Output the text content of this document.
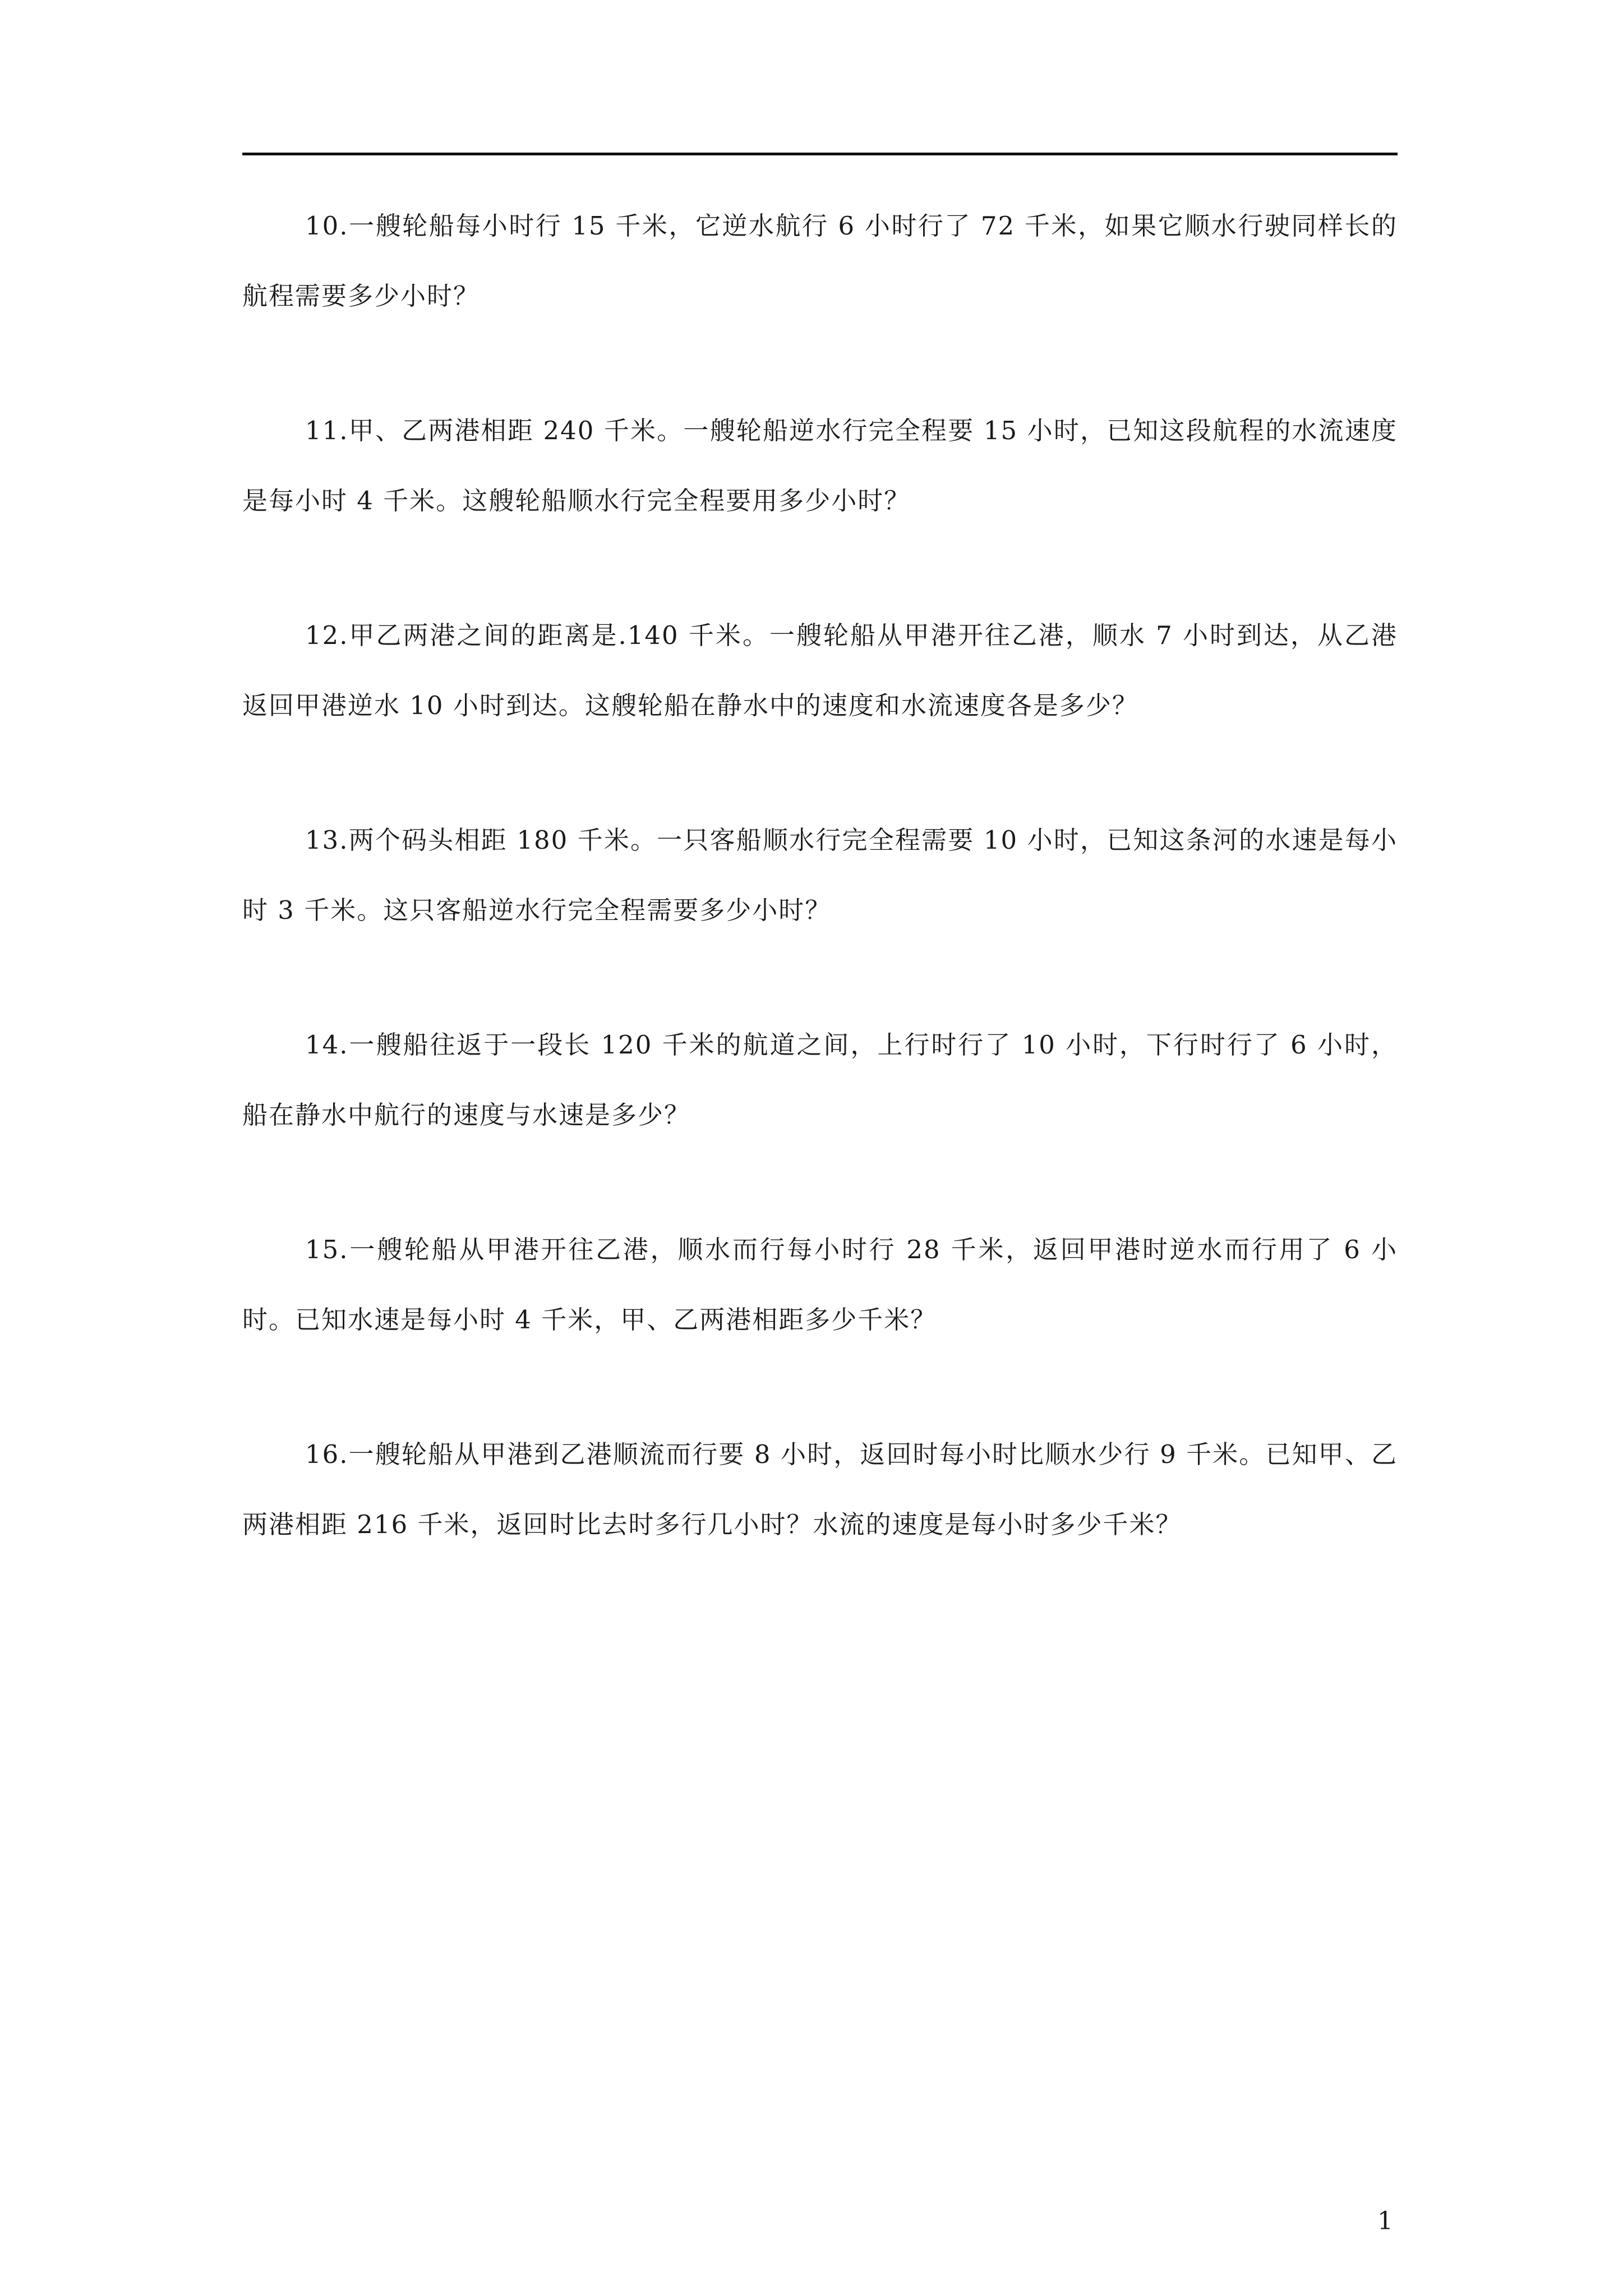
10.一艘轮船每小时行 15 千米，它逆水航行 6 小时行了 72 千米，如果它顺水行驶同样长的航程需要多少小时？

11.甲、乙两港相距 240 千米。一艘轮船逆水行完全程要 15 小时，已知这段航程的水流速度是每小时 4 千米。这艘轮船顺水行完全程要用多少小时？

12.甲乙两港之间的距离是.140 千米。一艘轮船从甲港开往乙港，顺水 7 小时到达，从乙港返回甲港逆水 10 小时到达。这艘轮船在静水中的速度和水流速度各是多少？

13.两个码头相距 180 千米。一只客船顺水行完全程需要 10 小时，已知这条河的水速是每小时 3 千米。这只客船逆水行完全程需要多少小时？

14.一艘船往返于一段长 120 千米的航道之间，上行时行了 10 小时，下行时行了 6 小时，船在静水中航行的速度与水速是多少？

15.一艘轮船从甲港开往乙港，顺水而行每小时行 28 千米，返回甲港时逆水而行用了 6 小时。已知水速是每小时 4 千米，甲、乙两港相距多少千米？

16.一艘轮船从甲港到乙港顺流而行要 8 小时，返回时每小时比顺水少行 9 千米。已知甲、乙两港相距 216 千米，返回时比去时多行几小时？水流的速度是每小时多少千米？

1
